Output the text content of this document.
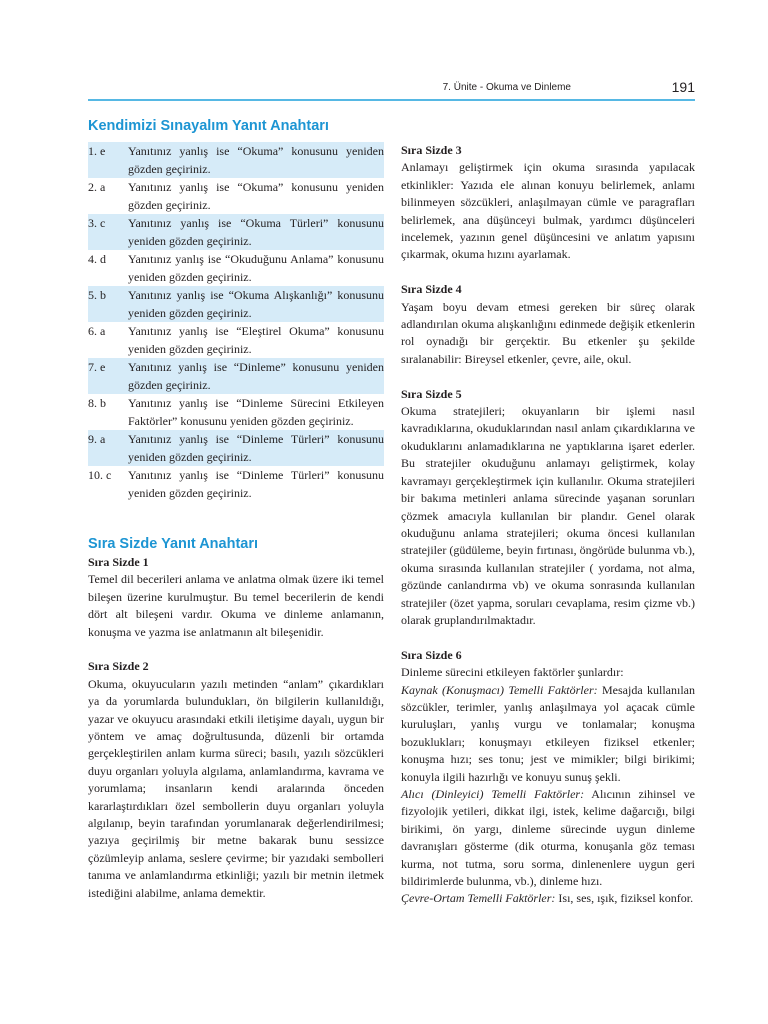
7. Ünite - Okuma ve Dinleme	191
Kendimizi Sınayalım Yanıt Anahtarı
1. e	Yanıtınız yanlış ise “Okuma” konusunu yeniden gözden geçiriniz.
2. a	Yanıtınız yanlış ise “Okuma” konusunu yeniden gözden geçiriniz.
3. c	Yanıtınız yanlış ise “Okuma Türleri” konusunu yeniden gözden geçiriniz.
4. d	Yanıtınız yanlış ise “Okuduğunu Anlama” konusunu yeniden gözden geçiriniz.
5. b	Yanıtınız yanlış ise “Okuma Alışkanlığı” konusunu yeniden gözden geçiriniz.
6. a	Yanıtınız yanlış ise “Eleştirel Okuma” konusunu yeniden gözden geçiriniz.
7. e	Yanıtınız yanlış ise “Dinleme” konusunu yeniden gözden geçiriniz.
8. b	Yanıtınız yanlış ise “Dinleme Sürecini Etkileyen Faktörler” konusunu yeniden gözden geçiriniz.
9. a	Yanıtınız yanlış ise “Dinleme Türleri” konusunu yeniden gözden geçiriniz.
10. c	Yanıtınız yanlış ise “Dinleme Türleri” konusunu yeniden gözden geçiriniz.
Sıra Sizde Yanıt Anahtarı
Sıra Sizde 1
Temel dil becerileri anlama ve anlatma olmak üzere iki temel bileşen üzerine kurulmuştur. Bu temel becerilerin de kendi dört alt bileşeni vardır. Okuma ve dinleme anlamanın, konuşma ve yazma ise anlatmanın alt bileşenidir.
Sıra Sizde 2
Okuma, okuyucuların yazılı metinden “anlam” çıkardıkları ya da yorumlarda bulundukları, ön bilgilerin kullanıldığı, yazar ve okuyucu arasındaki etkili iletişime dayalı, uygun bir yöntem ve amaç doğrultusunda, düzenli bir ortamda gerçekleştirilen anlam kurma süreci; basılı, yazılı sözcükleri duyu organları yoluyla algılama, anlamlandırma, kavrama ve yorumlama; insanların kendi aralarında önceden kararlaştırdıkları özel sembollerin duyu organları yoluyla algılanıp, beyin tarafından yorumlanarak değerlendirilmesi; yazıya geçirilmiş bir metne bakarak bunu sessizce çözümleyip anlama, seslere çevirme; bir yazıdaki sembolleri tanıma ve anlamlandırma etkinliği; yazılı bir metnin iletmek istediğini alabilme, anlama demektir.
Sıra Sizde 3
Anlamayı geliştirmek için okuma sırasında yapılacak etkinlikler: Yazıda ele alınan konuyu belirlemek, anlamı bilinmeyen sözcükleri, anlaşılmayan cümle ve paragrafları belirlemek, ana düşünceyi bulmak, yardımcı düşünceleri incelemek, yazının genel düşüncesini ve anlatım yapısını çıkarmak, okuma hızını ayarlamak.
Sıra Sizde 4
Yaşam boyu devam etmesi gereken bir süreç olarak adlandırılan okuma alışkanlığını edinmede değişik etkenlerin rol oynadığı bir gerçektir. Bu etkenler şu şekilde sıralanabilir: Bireysel etkenler, çevre, aile, okul.
Sıra Sizde 5
Okuma stratejileri; okuyanların bir işlemi nasıl kavradıklarına, okuduklarından nasıl anlam çıkardıklarına ve okuduklarını anlamadıklarına ne yaptıklarına işaret ederler. Bu stratejiler okuduğunu anlamayı geliştirmek, kolay kavramayı gerçekleştirmek için kullanılır. Okuma stratejileri bir bakıma metinleri anlama sürecinde yaşanan sorunları çözmek amacıyla kullanılan bir plandır. Genel olarak okuduğunu anlama stratejileri; okuma öncesi kullanılan stratejiler (güdüleme, beyin fırtınası, öngörüde bulunma vb.), okuma sırasında kullanılan stratejiler ( yordama, not alma, gözünde canlandırma vb) ve okuma sonrasında kullanılan stratejiler (özet yapma, soruları cevaplama, resim çizme vb.) olarak gruplandırılmaktadır.
Sıra Sizde 6
Dinleme sürecini etkileyen faktörler şunlardır:
Kaynak (Konuşmacı) Temelli Faktörler: Mesajda kullanılan sözcükler, terimler, yanlış anlaşılmaya yol açacak cümle kuruluşları, yanlış vurgu ve tonlamalar; konuşma bozuklukları; konuşmayı etkileyen fiziksel etkenler; konuşma hızı; ses tonu; jest ve mimikler; bilgi birikimi; konuyla ilgili hazırlığı ve konuyu sunuş şekli.
Alıcı (Dinleyici) Temelli Faktörler: Alıcının zihinsel ve fizyolojik yetileri, dikkat ilgi, istek, kelime dağarcığı, bilgi birikimi, ön yargı, dinleme sürecinde uygun dinleme davranışları gösterme (dik oturma, konuşanla göz teması kurma, not tutma, soru sorma, dinlenenlere uygun geri bildirimlerde bulunma, vb.), dinleme hızı.
Çevre-Ortam Temelli Faktörler: Isı, ses, ışık, fiziksel konfor.
